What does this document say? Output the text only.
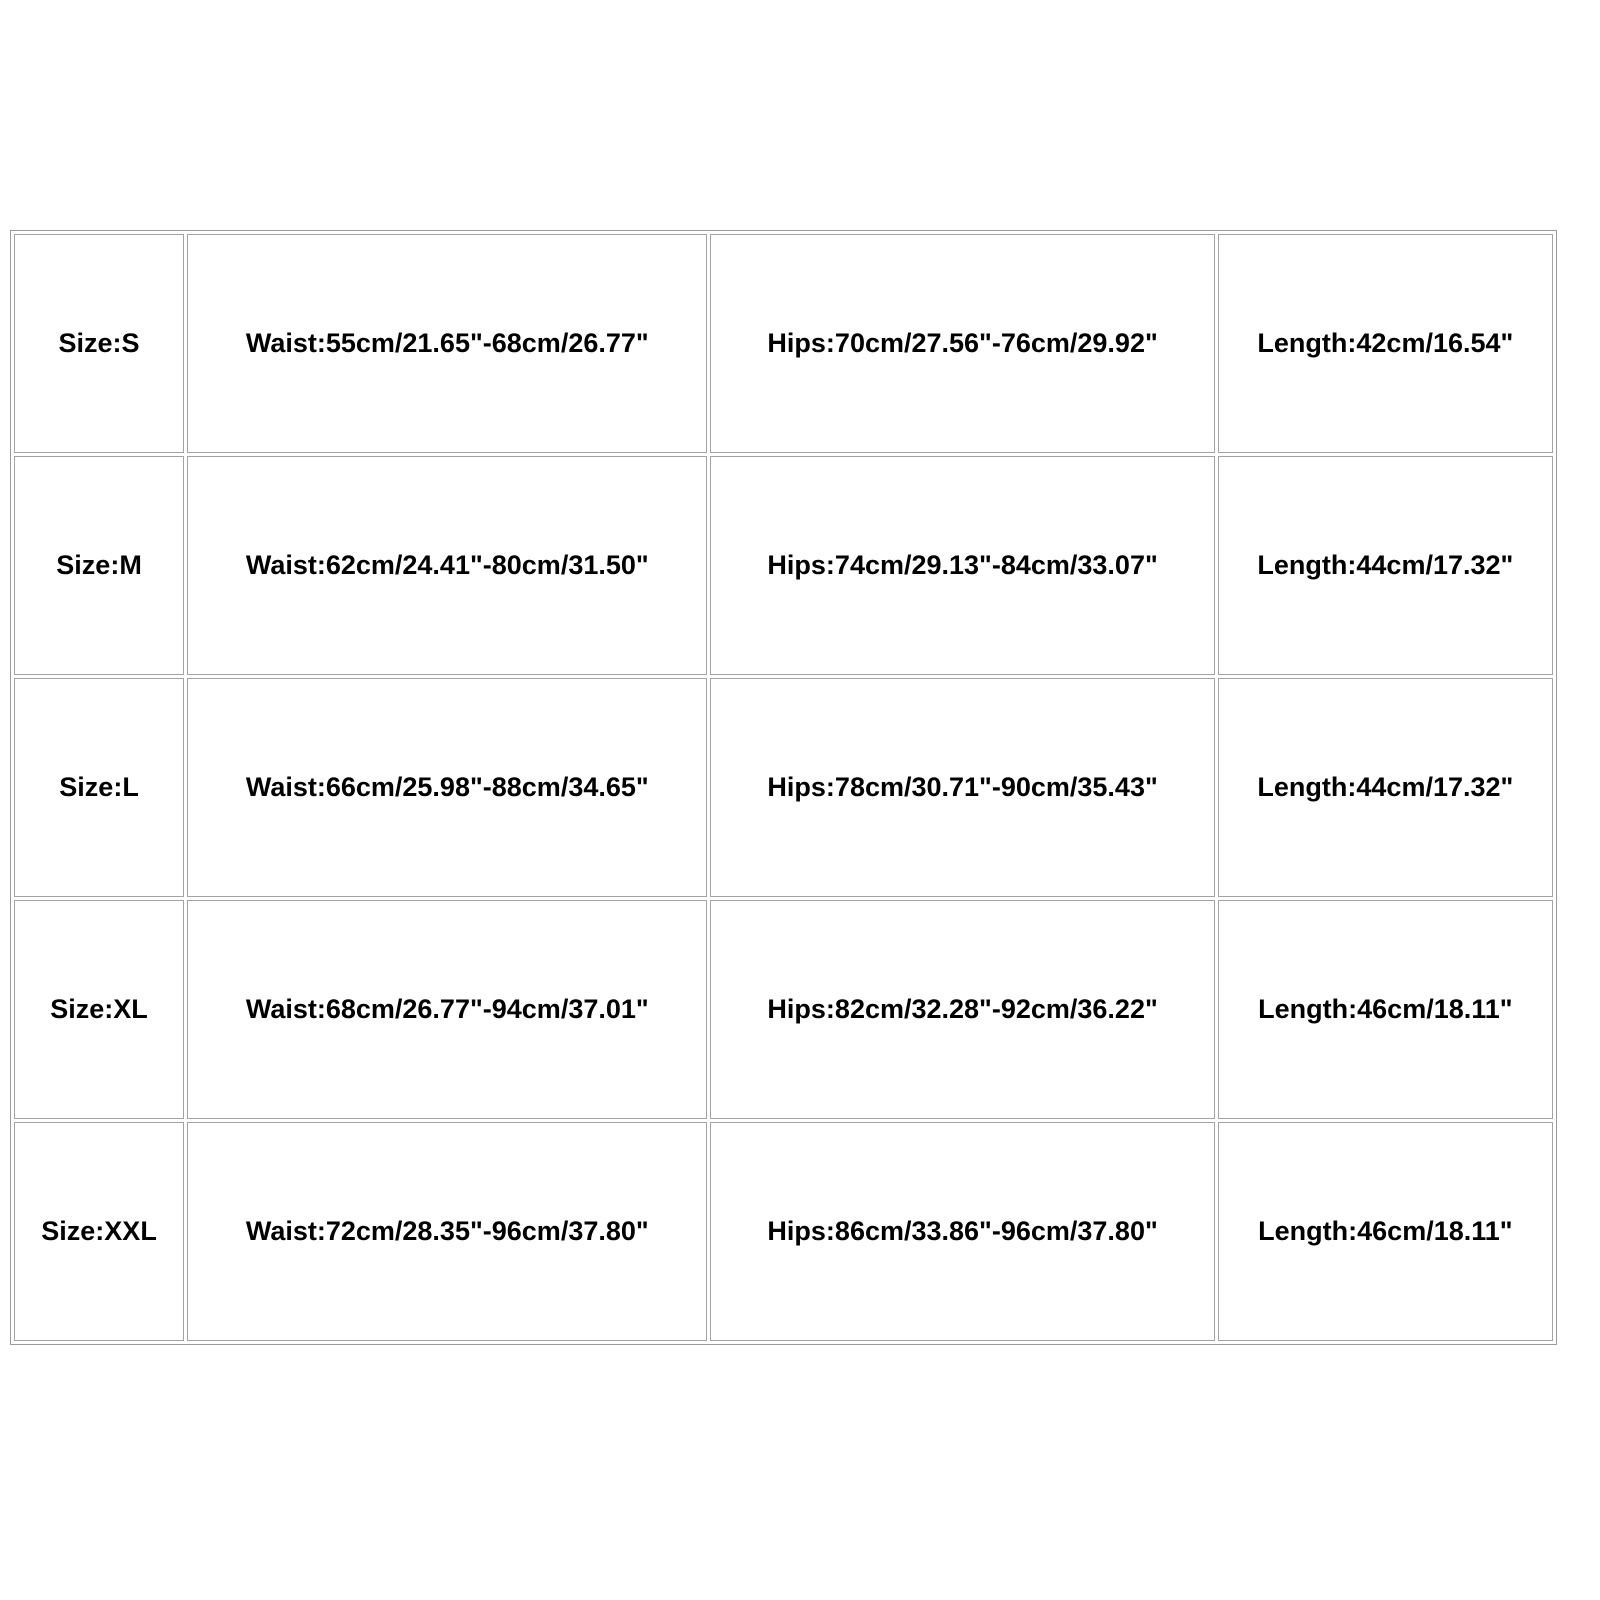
Size:S	Waist:55cm/21.65"-68cm/26.77"	Hips:70cm/27.56"-76cm/29.92"	Length:42cm/16.54"
Size:M	Waist:62cm/24.41"-80cm/31.50"	Hips:74cm/29.13"-84cm/33.07"	Length:44cm/17.32"
Size:L	Waist:66cm/25.98"-88cm/34.65"	Hips:78cm/30.71"-90cm/35.43"	Length:44cm/17.32"
Size:XL	Waist:68cm/26.77"-94cm/37.01"	Hips:82cm/32.28"-92cm/36.22"	Length:46cm/18.11"
Size:XXL	Waist:72cm/28.35"-96cm/37.80"	Hips:86cm/33.86"-96cm/37.80"	Length:46cm/18.11"
